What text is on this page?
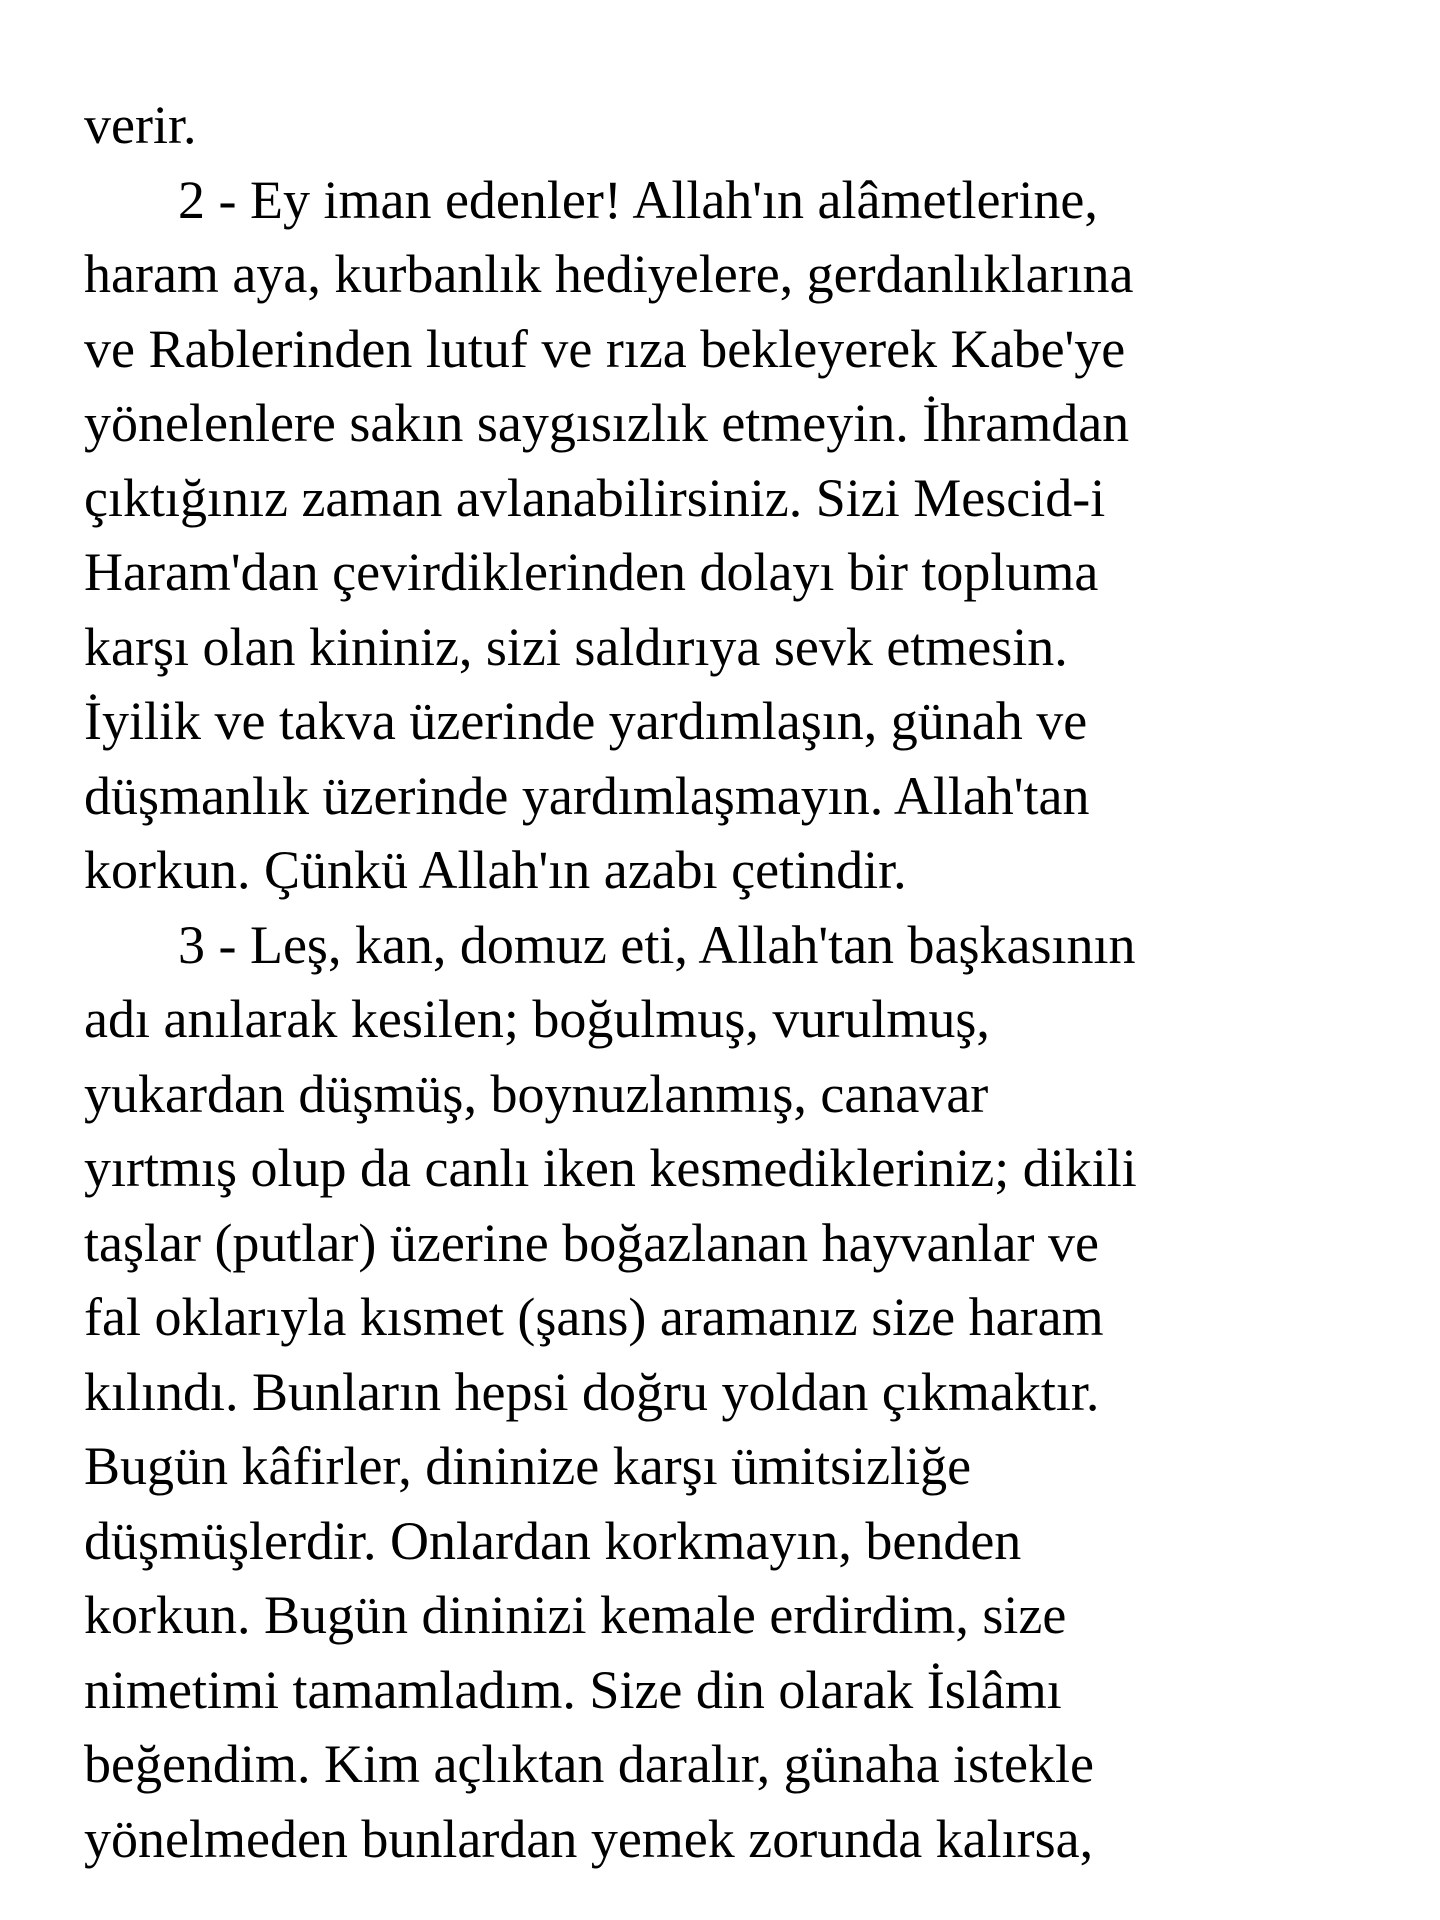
verir.
2 - Ey iman edenler! Allah'ın alâmetlerine,
haram aya, kurbanlık hediyelere, gerdanlıklarına
ve Rablerinden lutuf ve rıza bekleyerek Kabe'ye
yönelenlere sakın saygısızlık etmeyin. İhramdan
çıktığınız zaman avlanabilirsiniz. Sizi Mescid-i
Haram'dan çevirdiklerinden dolayı bir topluma
karşı olan kininiz, sizi saldırıya sevk etmesin.
İyilik ve takva üzerinde yardımlaşın, günah ve
düşmanlık üzerinde yardımlaşmayın. Allah'tan
korkun. Çünkü Allah'ın azabı çetindir.
3 - Leş, kan, domuz eti, Allah'tan başkasının
adı anılarak kesilen; boğulmuş, vurulmuş,
yukardan düşmüş, boynuzlanmış, canavar
yırtmış olup da canlı iken kesmedikleriniz; dikili
taşlar (putlar) üzerine boğazlanan hayvanlar ve
fal oklarıyla kısmet (şans) aramanız size haram
kılındı. Bunların hepsi doğru yoldan çıkmaktır.
Bugün kâfirler, dininize karşı ümitsizliğe
düşmüşlerdir. Onlardan korkmayın, benden
korkun. Bugün dininizi kemale erdirdim, size
nimetimi tamamladım. Size din olarak İslâmı
beğendim. Kim açlıktan daralır, günaha istekle
yönelmeden bunlardan yemek zorunda kalırsa,
